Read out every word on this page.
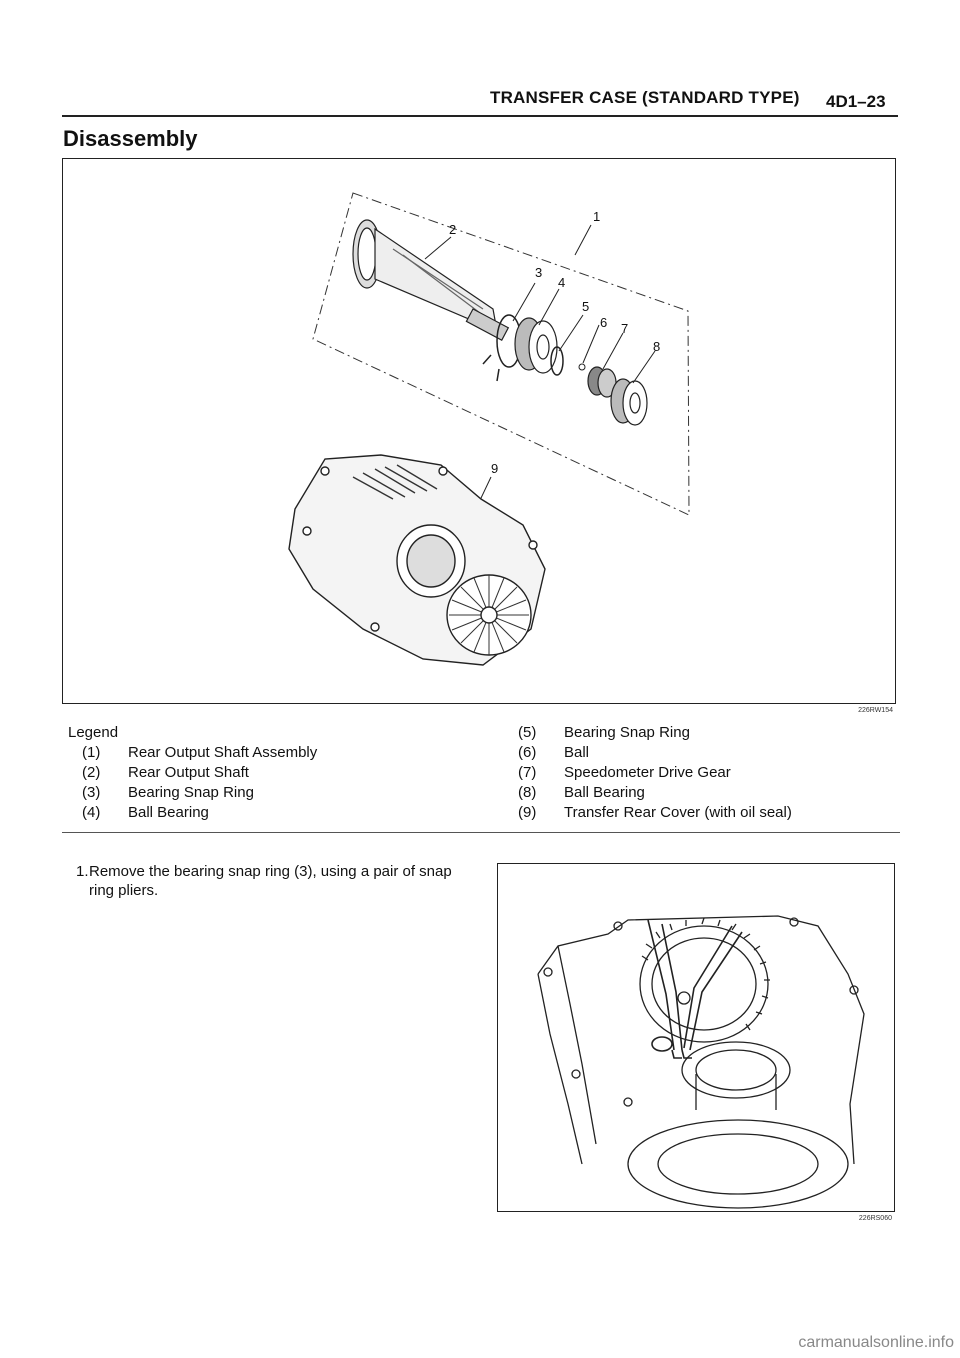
TRANSFER CASE (STANDARD TYPE) 4D1–23
Disassembly
1
2
3
4
5
6 7
8
9
226RW154
Legend
(1) Rear Output Shaft Assembly
(2) Rear Output Shaft
(3) Bearing Snap Ring
(4) Ball Bearing
(5) Bearing Snap Ring
(6) Ball
(7) Speedometer Drive Gear
(8) Ball Bearing
(9) Transfer Rear Cover (with oil seal)
1. Remove the bearing snap ring (3), using a pair of snap ring pliers.
226RS060
carmanualsonline.info
